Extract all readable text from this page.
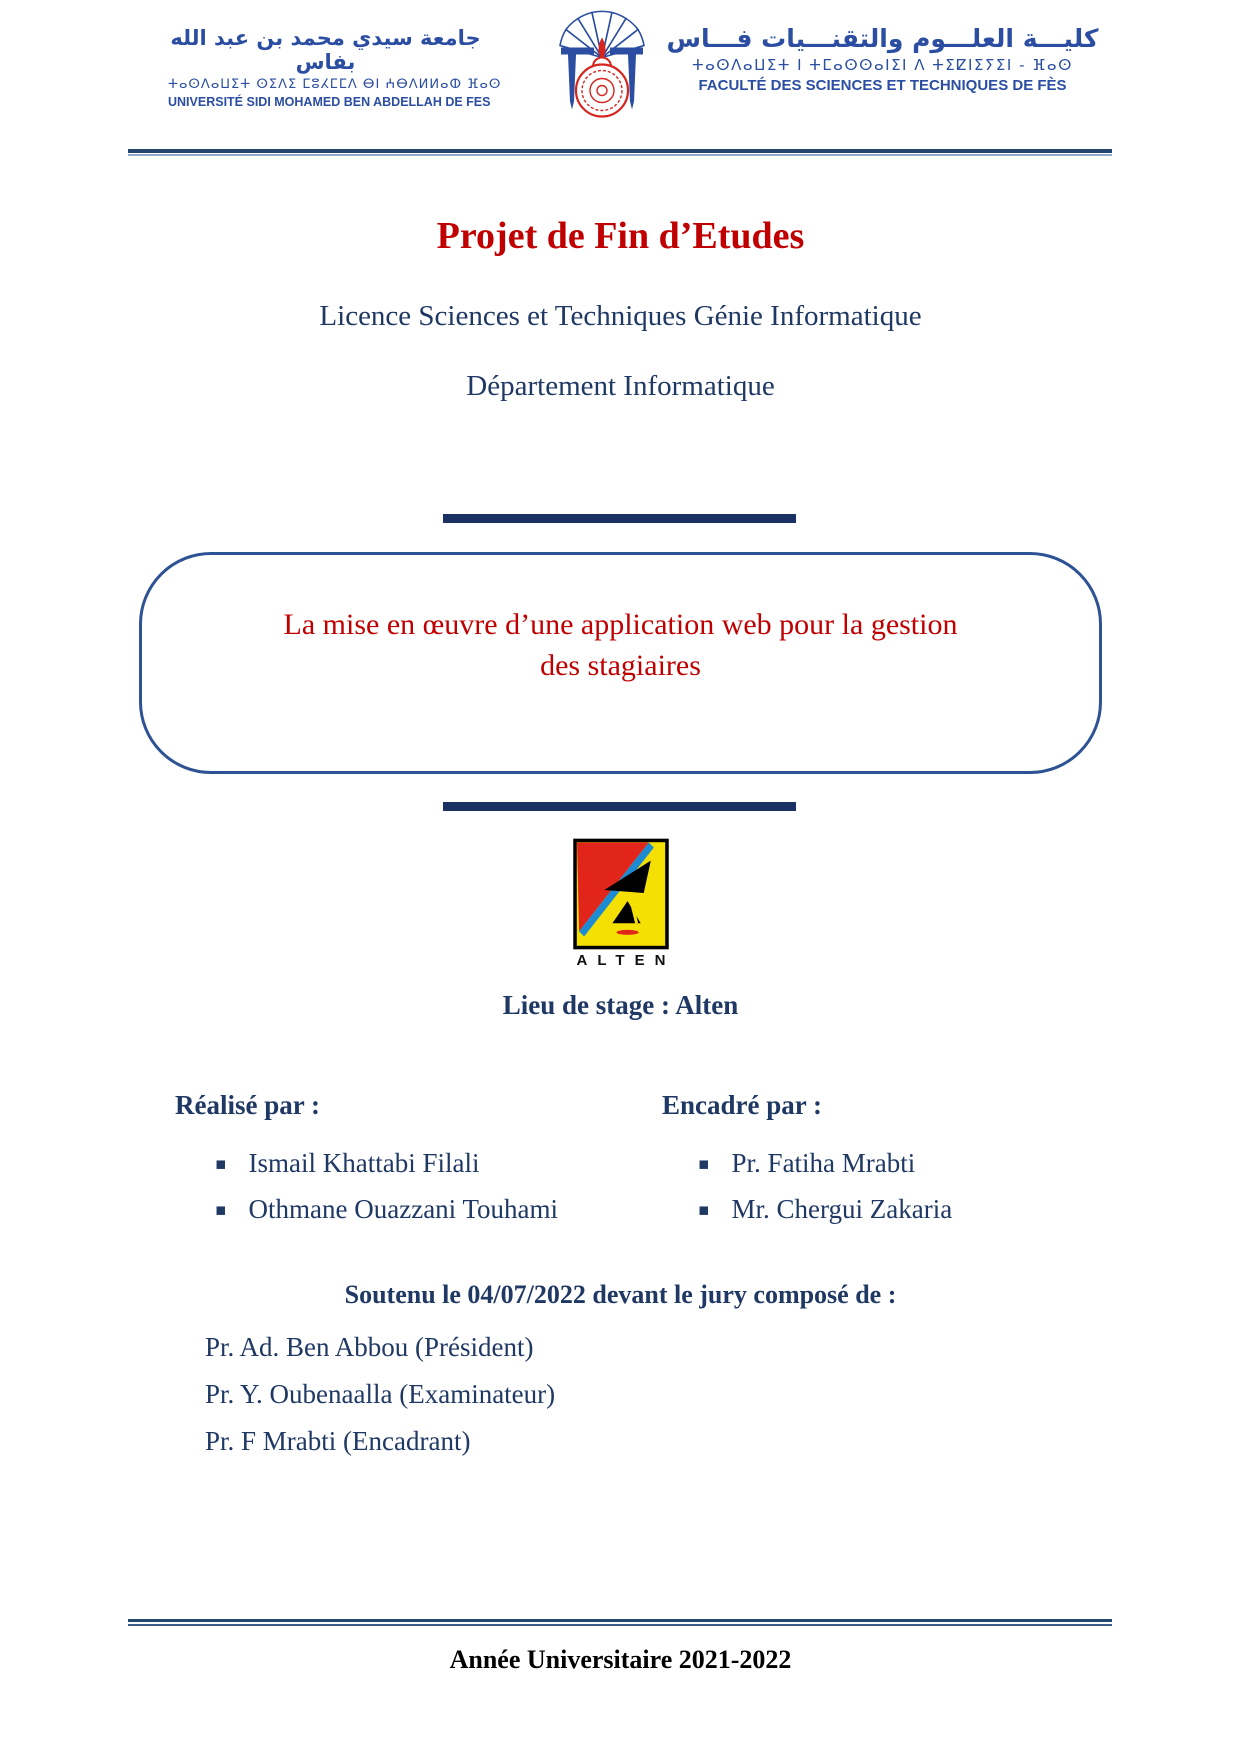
جامعة سيدي محمد بن عبد الله بفاس
ⵜⴰⵙⴷⴰⵡⵉⵜ ⵙⵉⴷⵉ ⵎⵓⵃⵎⵎⴷ ⴱⵏ ⵄⴱⴷⵍⵍⴰⵀ ⴼⴰⵙ
UNIVERSITÉ SIDI MOHAMED BEN ABDELLAH DE FES
كليـــة العلـــوم والتقنـــيات فـــاس
ⵜⴰⵙⴷⴰⵡⵉⵜ ⵏ ⵜⵎⴰⵙⵙⴰⵏⵉⵏ ⴷ ⵜⵉⵇⵏⵉⵢⵉⵏ - ⴼⴰⵙ
FACULTÉ DES SCIENCES ET TECHNIQUES DE FÈS
Projet de Fin d’Etudes
Licence Sciences et Techniques Génie Informatique
Département Informatique
La mise en œuvre d’une application web pour la gestion des stagiaires
ALTEN
Lieu de stage : Alten
Réalisé par :	Encadré par :
▪ Ismail Khattabi Filali
▪ Othmane Ouazzani Touhami
▪ Pr. Fatiha Mrabti
▪ Mr. Chergui Zakaria
Soutenu le 04/07/2022 devant le jury composé de :
Pr. Ad. Ben Abbou (Président)
Pr. Y. Oubenaalla (Examinateur)
Pr. F Mrabti (Encadrant)
Année Universitaire 2021-2022
